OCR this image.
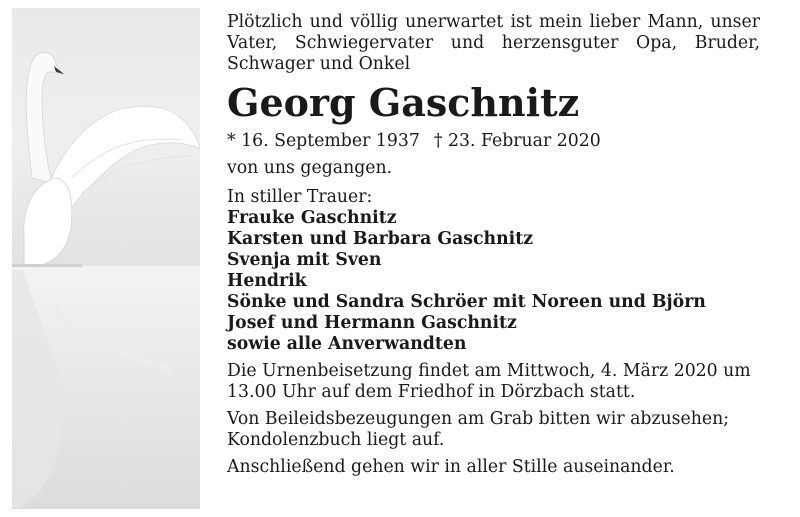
Plötzlich und völlig unerwartet ist mein lieber Mann, unser Vater, Schwiegervater und herzensguter Opa, Bruder, Schwager und Onkel

Georg Gaschnitz
* 16. September 1937 † 23. Februar 2020
von uns gegangen.
In stiller Trauer:
Frauke Gaschnitz
Karsten und Barbara Gaschnitz
Svenja mit Sven
Hendrik
Sönke und Sandra Schröer mit Noreen und Björn
Josef und Hermann Gaschnitz
sowie alle Anverwandten
Die Urnenbeisetzung findet am Mittwoch, 4. März 2020 um
13.00 Uhr auf dem Friedhof in Dörzbach statt.
Von Beileidsbezeugungen am Grab bitten wir abzusehen;
Kondolenzbuch liegt auf.
Anschließend gehen wir in aller Stille auseinander.
